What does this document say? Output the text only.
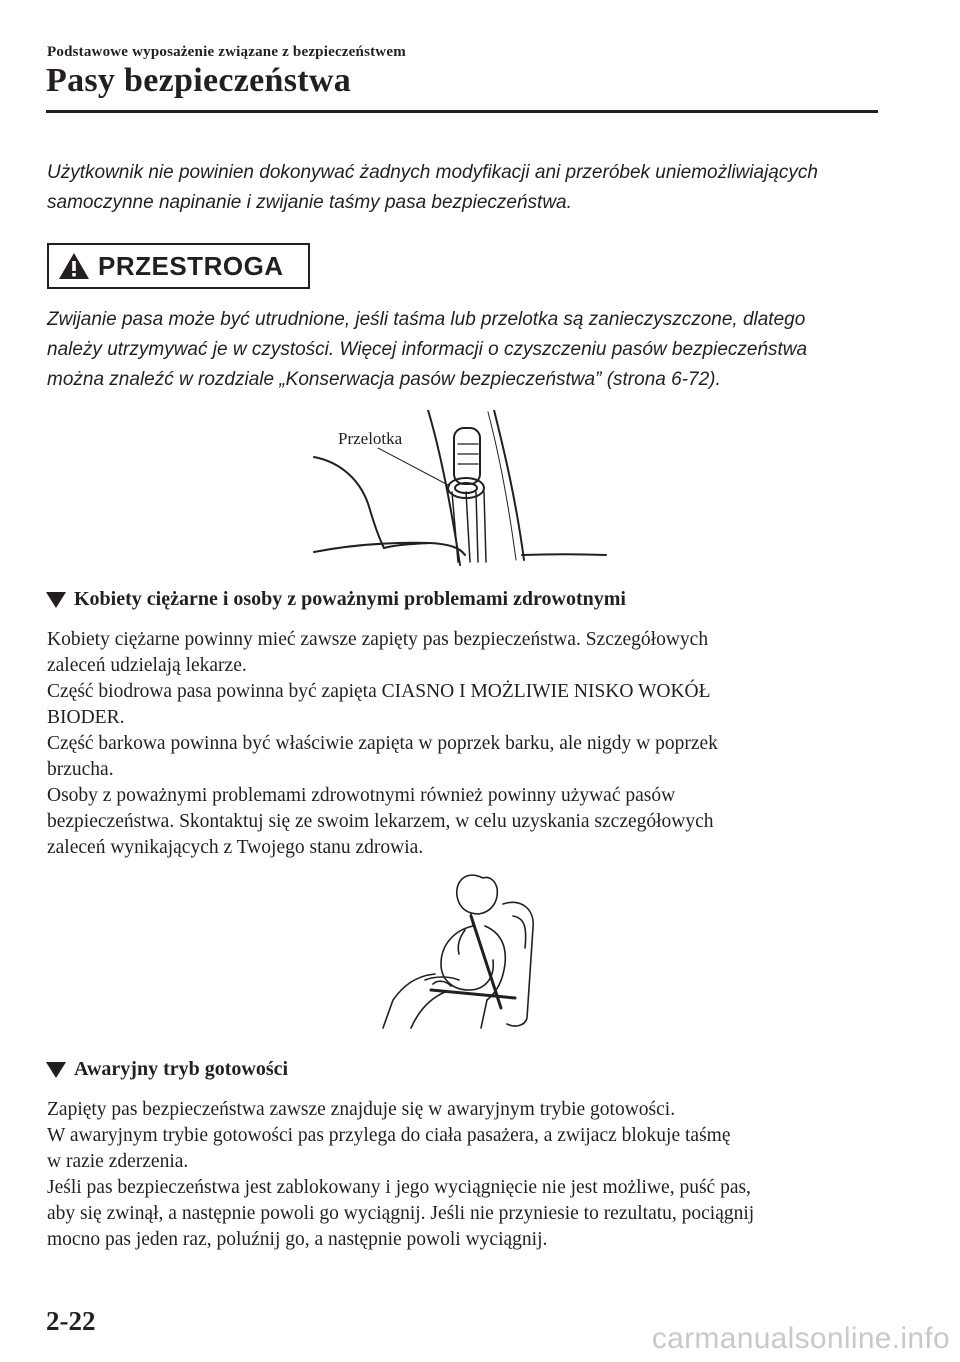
Podstawowe wyposażenie związane z bezpieczeństwem
Pasy bezpieczeństwa
Użytkownik nie powinien dokonywać żadnych modyfikacji ani przeróbek uniemożliwiających
samoczynne napinanie i zwijanie taśmy pasa bezpieczeństwa.
PRZESTROGA
Zwijanie pasa może być utrudnione, jeśli taśma lub przelotka są zanieczyszczone, dlatego
należy utrzymywać je w czystości. Więcej informacji o czyszczeniu pasów bezpieczeństwa
można znaleźć w rozdziale „Konserwacja pasów bezpieczeństwa” (strona 6-72).
Przelotka
Kobiety ciężarne i osoby z poważnymi problemami zdrowotnymi

Kobiety ciężarne powinny mieć zawsze zapięty pas bezpieczeństwa. Szczegółowych

zaleceń udzielają lekarze.

Część biodrowa pasa powinna być zapięta CIASNO I MOŻLIWIE NISKO WOKÓŁ

BIODER.

Część barkowa powinna być właściwie zapięta w poprzek barku, ale nigdy w poprzek

brzucha.

Osoby z poważnymi problemami zdrowotnymi również powinny używać pasów

bezpieczeństwa. Skontaktuj się ze swoim lekarzem, w celu uzyskania szczegółowych

zaleceń wynikających z Twojego stanu zdrowia.

Awaryjny tryb gotowości

Zapięty pas bezpieczeństwa zawsze znajduje się w awaryjnym trybie gotowości.

W awaryjnym trybie gotowości pas przylega do ciała pasażera, a zwijacz blokuje taśmę

w razie zderzenia.

Jeśli pas bezpieczeństwa jest zablokowany i jego wyciągnięcie nie jest możliwe, puść pas,

aby się zwinął, a następnie powoli go wyciągnij. Jeśli nie przyniesie to rezultatu, pociągnij

mocno pas jeden raz, poluźnij go, a następnie powoli wyciągnij.

2-22
carmanualsonline.info
